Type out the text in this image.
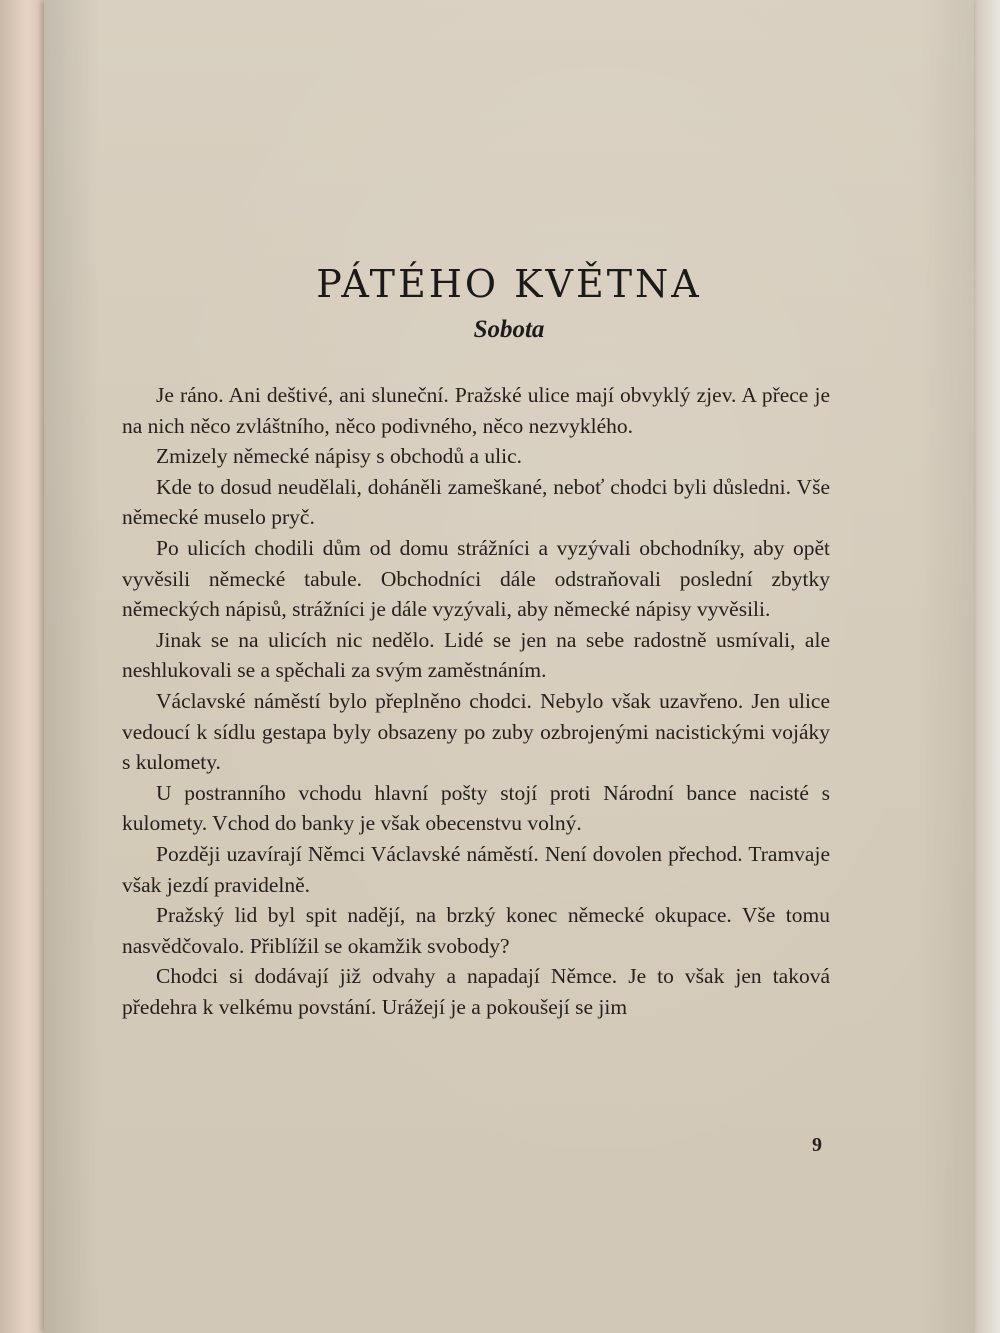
PÁTÉHO KVĚTNA
Sobota

Je ráno. Ani deštivé, ani sluneční. Pražské ulice mají obvyklý zjev. A přece je na nich něco zvláštního, něco podivného, něco nezvyklého.

Zmizely německé nápisy s obchodů a ulic.

Kde to dosud neudělali, doháněli zameškané, neboť chodci byli důsledni. Vše německé muselo pryč.

Po ulicích chodili dům od domu strážníci a vyzývali obchodníky, aby opět vyvěsili německé tabule. Obchodníci dále odstraňovali poslední zbytky německých nápisů, strážníci je dále vyzývali, aby německé nápisy vyvěsili.

Jinak se na ulicích nic nedělo. Lidé se jen na sebe radostně usmívali, ale neshlukovali se a spěchali za svým zaměstnáním.

Václavské náměstí bylo přeplněno chodci. Nebylo však uzavřeno. Jen ulice vedoucí k sídlu gestapa byly obsazeny po zuby ozbrojenými nacistickými vojáky s kulomety.

U postranního vchodu hlavní pošty stojí proti Národní bance nacisté s kulomety. Vchod do banky je však obecenstvu volný.

Později uzavírají Němci Václavské náměstí. Není dovolen přechod. Tramvaje však jezdí pravidelně.

Pražský lid byl spit nadějí, na brzký konec německé okupace. Vše tomu nasvědčovalo. Přiblížil se okamžik svobody?

Chodci si dodávají již odvahy a napadají Němce. Je to však jen taková předehra k velkému povstání. Urážejí je a pokoušejí se jim

9
